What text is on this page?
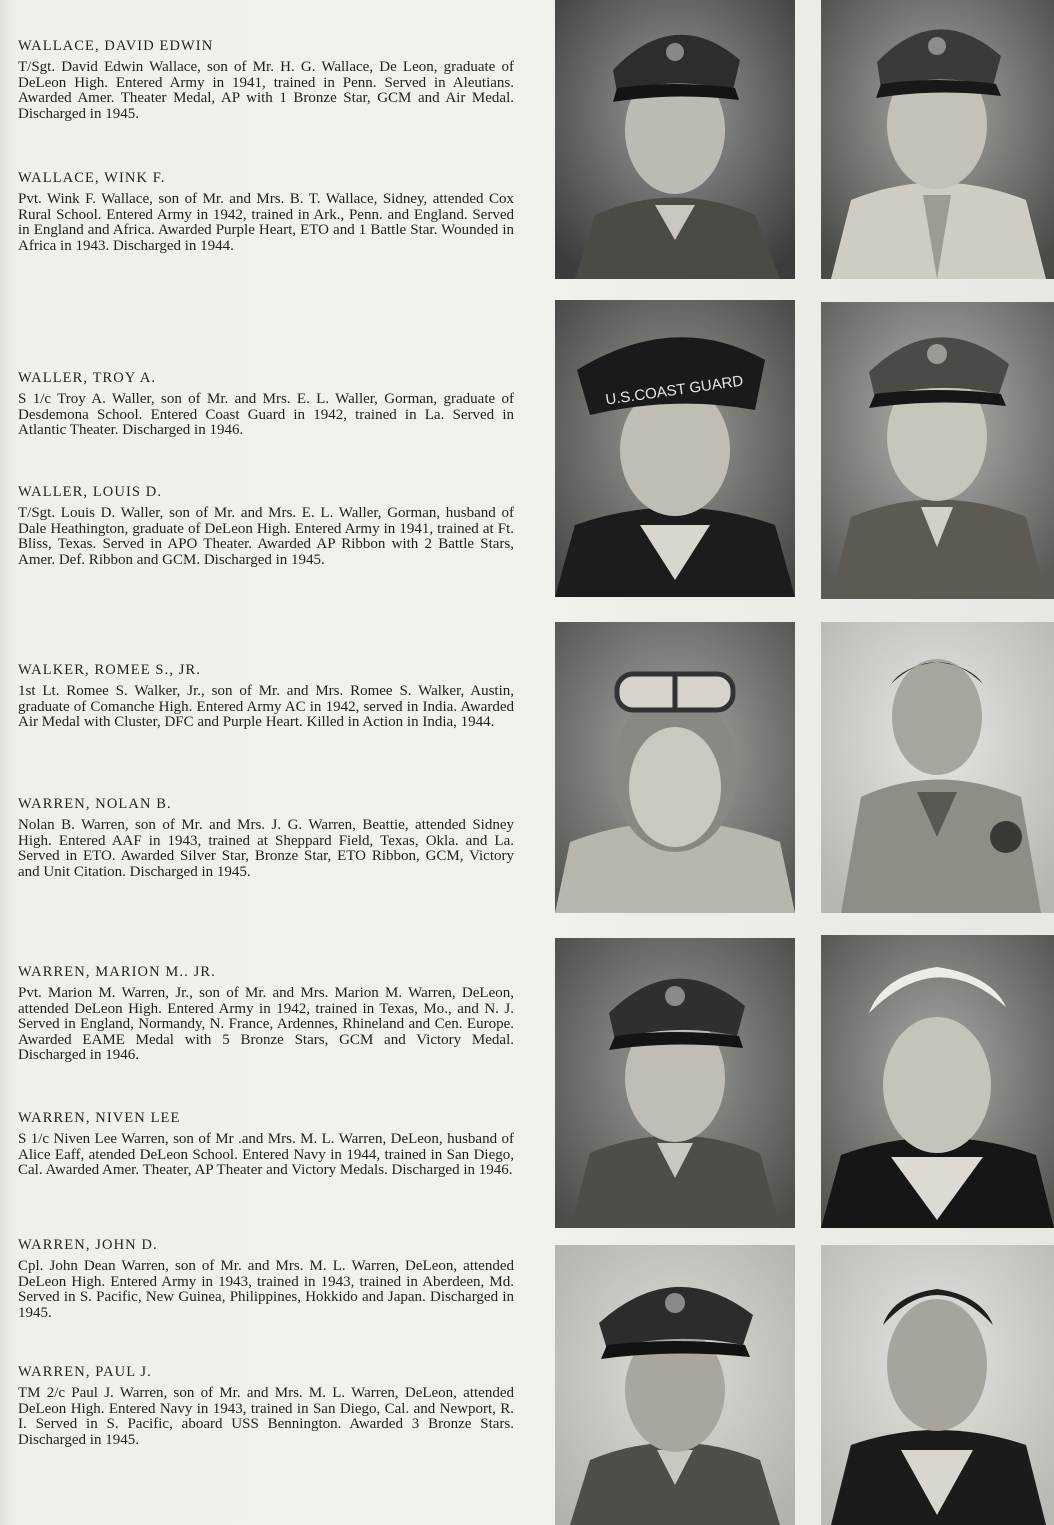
WALLACE, DAVID EDWIN
T/Sgt. David Edwin Wallace, son of Mr. H. G. Wallace, De Leon, graduate of DeLeon High. Entered Army in 1941, trained in Penn. Served in Aleutians. Awarded Amer. Theater Medal, AP with 1 Bronze Star, GCM and Air Medal. Discharged in 1945.
WALLACE, WINK F.
Pvt. Wink F. Wallace, son of Mr. and Mrs. B. T. Wallace, Sidney, attended Cox Rural School. Entered Army in 1942, trained in Ark., Penn. and England. Served in England and Africa. Awarded Purple Heart, ETO and 1 Battle Star. Wounded in Africa in 1943. Discharged in 1944.
WALLER, TROY A.
S 1/c Troy A. Waller, son of Mr. and Mrs. E. L. Waller, Gorman, graduate of Desdemona School. Entered Coast Guard in 1942, trained in La. Served in Atlantic Theater. Discharged in 1946.
WALLER, LOUIS D.
T/Sgt. Louis D. Waller, son of Mr. and Mrs. E. L. Waller, Gorman, husband of Dale Heathington, graduate of DeLeon High. Entered Army in 1941, trained at Ft. Bliss, Texas. Served in APO Theater. Awarded AP Ribbon with 2 Battle Stars, Amer. Def. Ribbon and GCM. Discharged in 1945.
WALKER, ROMEE S., JR.
1st Lt. Romee S. Walker, Jr., son of Mr. and Mrs. Romee S. Walker, Austin, graduate of Comanche High. Entered Army AC in 1942, served in India. Awarded Air Medal with Cluster, DFC and Purple Heart. Killed in Action in India, 1944.
WARREN, NOLAN B.
Nolan B. Warren, son of Mr. and Mrs. J. G. Warren, Beattie, attended Sidney High. Entered AAF in 1943, trained at Sheppard Field, Texas, Okla. and La. Served in ETO. Awarded Silver Star, Bronze Star, ETO Ribbon, GCM, Victory and Unit Citation. Discharged in 1945.
WARREN, MARION M.. JR.
Pvt. Marion M. Warren, Jr., son of Mr. and Mrs. Marion M. Warren, DeLeon, attended DeLeon High. Entered Army in 1942, trained in Texas, Mo., and N. J. Served in England, Normandy, N. France, Ardennes, Rhineland and Cen. Europe. Awarded EAME Medal with 5 Bronze Stars, GCM and Victory Medal. Discharged in 1946.
WARREN, NIVEN LEE
S 1/c Niven Lee Warren, son of Mr .and Mrs. M. L. Warren, DeLeon, husband of Alice Eaff, atended DeLeon School. Entered Navy in 1944, trained in San Diego, Cal. Awarded Amer. Theater, AP Theater and Victory Medals. Discharged in 1946.
WARREN, JOHN D.
Cpl. John Dean Warren, son of Mr. and Mrs. M. L. Warren, DeLeon, attended DeLeon High. Entered Army in 1943, trained in 1943, trained in Aberdeen, Md. Served in S. Pacific, New Guinea, Philippines, Hokkido and Japan. Discharged in 1945.
WARREN, PAUL J.
TM 2/c Paul J. Warren, son of Mr. and Mrs. M. L. Warren, DeLeon, attended DeLeon High. Entered Navy in 1943, trained in San Diego, Cal. and Newport, R. I. Served in S. Pacific, aboard USS Bennington. Awarded 3 Bronze Stars. Discharged in 1945.
U.S.COAST GUARD
